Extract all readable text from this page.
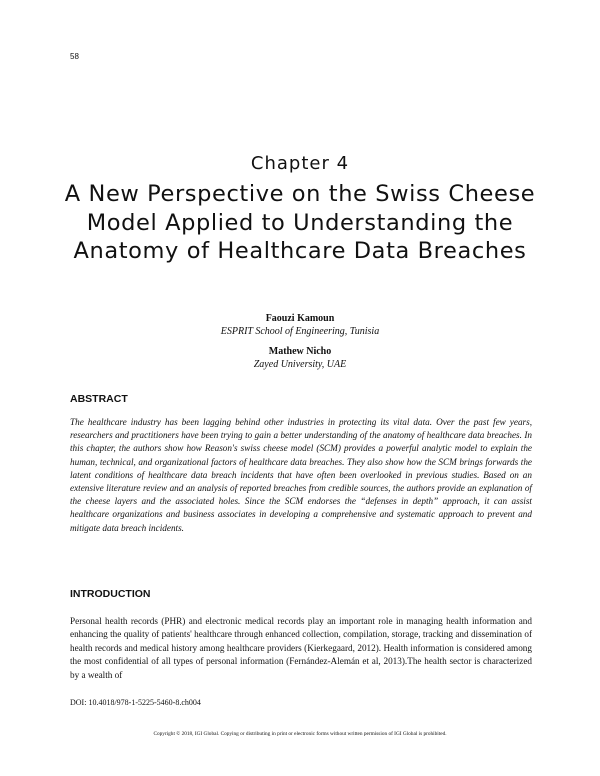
58
Chapter 4
A New Perspective on the Swiss Cheese Model Applied to Understanding the Anatomy of Healthcare Data Breaches
Faouzi Kamoun
ESPRIT School of Engineering, Tunisia
Mathew Nicho
Zayed University, UAE
ABSTRACT
The healthcare industry has been lagging behind other industries in protecting its vital data. Over the past few years, researchers and practitioners have been trying to gain a better understanding of the anatomy of healthcare data breaches. In this chapter, the authors show how Reason's swiss cheese model (SCM) provides a powerful analytic model to explain the human, technical, and organizational factors of healthcare data breaches. They also show how the SCM brings forwards the latent conditions of healthcare data breach incidents that have often been overlooked in previous studies. Based on an extensive literature review and an analysis of reported breaches from credible sources, the authors provide an explanation of the cheese layers and the associated holes. Since the SCM endorses the “defenses in depth” approach, it can assist healthcare organizations and business associates in developing a comprehensive and systematic approach to prevent and mitigate data breach incidents.
INTRODUCTION
Personal health records (PHR) and electronic medical records play an important role in managing health information and enhancing the quality of patients' healthcare through enhanced collection, compilation, storage, tracking and dissemination of health records and medical history among healthcare providers (Kierkegaard, 2012). Health information is considered among the most confidential of all types of personal information (Fernández-Alemán et al, 2013).The health sector is characterized by a wealth of
DOI: 10.4018/978-1-5225-5460-8.ch004
Copyright © 2018, IGI Global. Copying or distributing in print or electronic forms without written permission of IGI Global is prohibited.
